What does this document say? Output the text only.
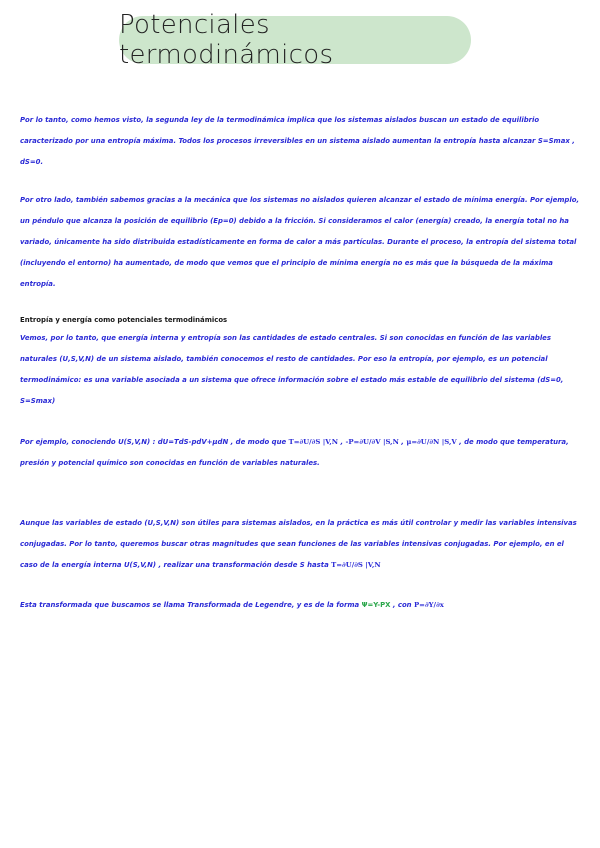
Potenciales termodinámicos
Por lo tanto, como hemos visto, la segunda ley de la termodinámica implica que los sistemas aislados buscan un estado de equilibrio caracterizado por una entropía máxima. Todos los procesos irreversibles en un sistema aislado aumentan la entropía hasta alcanzar S=Smax , dS=0.
Por otro lado, también sabemos gracias a la mecánica que los sistemas no aislados quieren alcanzar el estado de mínima energía. Por ejemplo, un péndulo que alcanza la posición de equilibrio (Ep=0) debido a la fricción. Si consideramos el calor (energía) creado, la energía total no ha variado, únicamente ha sido distribuida estadísticamente en forma de calor a más partículas. Durante el proceso, la entropía del sistema total (incluyendo el entorno) ha aumentado, de modo que vemos que el principio de mínima energía no es más que la búsqueda de la máxima entropía.
Entropía y energía como potenciales termodinámicos
Vemos, por lo tanto, que energía interna y entropía son las cantidades de estado centrales. Si son conocidas en función de las variables naturales (U,S,V,N) de un sistema aislado, también conocemos el resto de cantidades. Por eso la entropía, por ejemplo, es un potencial termodinámico: es una variable asociada a un sistema que ofrece información sobre el estado más estable de equilibrio del sistema (dS=0, S=Smax)
Por ejemplo, conociendo U(S,V,N) : dU=TdS-pdV+μdN , de modo que T=∂U/∂S |V,N , -P=∂U/∂V |S,N , μ=∂U/∂N |S,V , de modo que temperatura, presión y potencial químico son conocidas en función de variables naturales.
Aunque las variables de estado (U,S,V,N) son útiles para sistemas aislados, en la práctica es más útil controlar y medir las variables intensivas conjugadas. Por lo tanto, queremos buscar otras magnitudes que sean funciones de las variables intensivas conjugadas. Por ejemplo, en el caso de la energía interna U(S,V,N) , realizar una transformación desde S hasta T=∂U/∂S |V,N
Esta transformada que buscamos se llama Transformada de Legendre, y es de la forma Ψ=Y-PX , con P=∂Y/∂x
